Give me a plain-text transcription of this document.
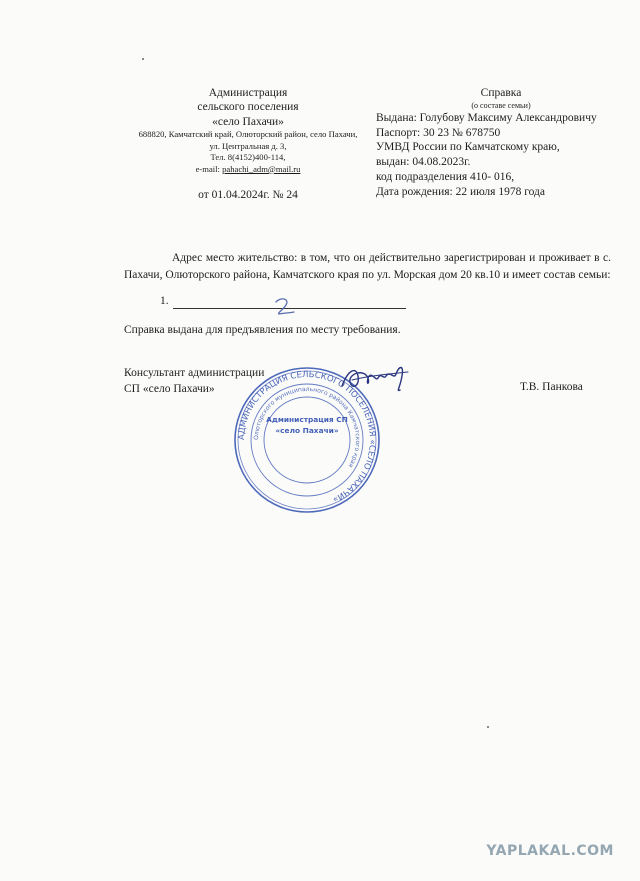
Администрация
сельского поселения
«село Пахачи»
688820, Камчатский край, Олюторский район, село Пахачи,
ул. Центральная д. 3,
Тел. 8(4152)400-114,
e-mail: pahachi_adm@mail.ru
от 01.04.2024г. № 24
Справка
(о составе семьи)
Выдана: Голубову Максиму Александровичу
Паспорт: 30 23 № 678750
УМВД России по Камчатскому краю,
выдан: 04.08.2023г.
код подразделения 410- 016,
Дата рождения: 22 июля 1978 года
Адрес место жительство: в том, что он действительно зарегистрирован и проживает в с. Пахачи, Олюторского района, Камчатского края по ул. Морская дом 20 кв.10 и имеет состав семьи:
1.
Справка выдана для предъявления по месту требования.
Консультант администрации
СП «село Пахачи»	Т.В. Панкова
АДМИНИСТРАЦИЯ СЕЛЬСКОГО ПОСЕЛЕНИЯ «СЕЛО ПАХАЧИ»
Олюторского муниципального района Камчатского края
Администрация СП
«село Пахачи»
YAPLAKAL.COM
